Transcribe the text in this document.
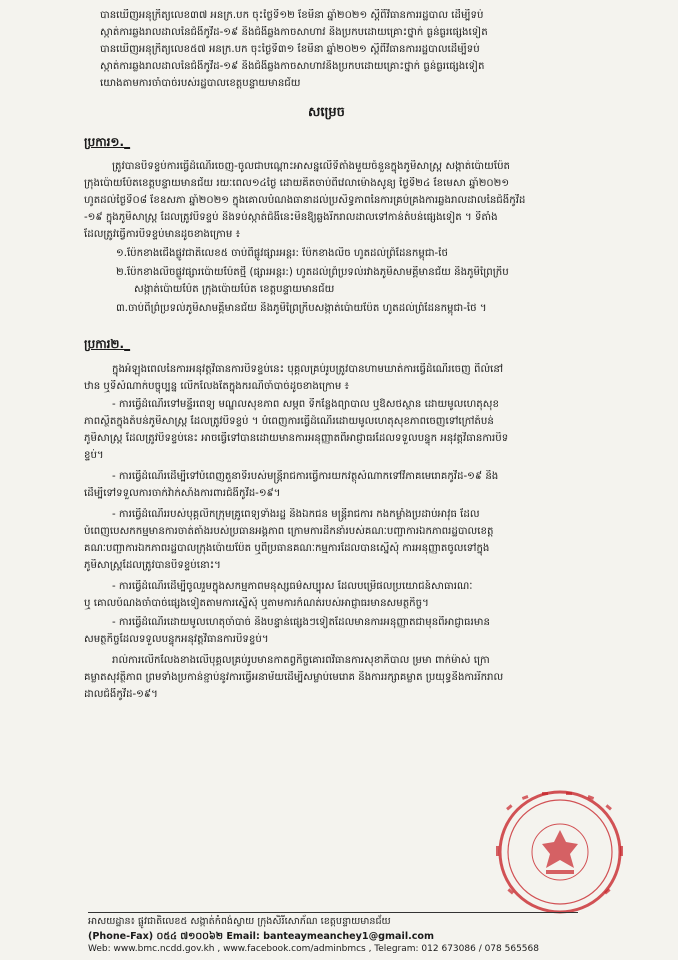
• បានឃើញអនុក្រឹត្យលេខ៣៧ អនក្រ.បក ចុះថ្ងៃទី១២ ខែមីនា ឆ្នាំ២០២១ ស្តីពីវិធានការរដ្ឋបាល ដើម្បីទប់
ស្កាត់ការឆ្លងរាលដាលនៃជំងឺកូវីដ-១៩ និងជំងឺឆ្លងកាចសាហាវ និងប្រកបដោយគ្រោះថ្នាក់ ធ្ងន់ធ្ងរផ្សេងទៀត
• បានឃើញអនុក្រឹត្យលេខ៥៧ អនក្រ.បក ចុះថ្ងៃទី៣១ ខែមីនា ឆ្នាំ២០២១ ស្តីពីវិធានការរដ្ឋបាលដើម្បីទប់
ស្កាត់ការឆ្លងរាលដាលនៃជំងឺកូវីដ-១៩ និងជំងឺឆ្លងកាចសាហាវនិងប្រកបដោយគ្រោះថ្នាក់ ធ្ងន់ធ្ងរផ្សេងទៀត
• យោងតាមការចាំបាច់របស់រដ្ឋបាលខេត្តបន្ទាយមានជ័យ
សម្រេច
ប្រការ១._
ត្រូវបានបិទខ្ទប់ការធ្វើដំណើរចេញ-ចូលជាបណ្តោះអាសន្នលើទីតាំងមួយចំនួនក្នុងភូមិសាស្ត្រ សង្កាត់ប៉ោយប៉ែត
ក្រុងប៉ោយប៉ែតខេត្តបន្ទាយមានជ័យ រយៈពេល១៤ថ្ងៃ ដោយគិតចាប់ពីវេលាម៉ោងសូន្យ ថ្ងៃទី២៤ ខែមេសា ឆ្នាំ២០២១
ហូតដល់ថ្ងៃទី០៨ ខែឧសភា ឆ្នាំ២០២១ ក្នុងគោលបំណងធានាដល់ប្រសិទ្ធភាពនៃការគ្រប់គ្រងការឆ្លងរាលដាលនៃជំងឺកូវីដ
-១៩ ក្នុងភូមិសាស្ត្រ ដែលត្រូវបិទខ្ទប់ និងទប់ស្កាត់ជំងឺនេះមិនឱ្យឆ្លងរីករាលដាលទៅកាន់តំបន់ផ្សេងទៀត ។ ទីតាំង
ដែលត្រូវធ្វើការបិទខ្ទប់មានដូចខាងក្រោម ៖
១.ប៉ែកខាងជើងផ្លូវជាតិលេខ៥ ចាប់ពីផ្លូវផ្សារអន្តរ: ប៉ែកខាងលិច ហូតដល់ព្រំដែនកម្ពុជា-ថៃ
២.ប៉ែកខាងលិចផ្លូវផ្សារប៉ោយប៉ែតថ្មី (ផ្សារអន្តរ:) ហូតដល់ព្រំប្រទល់រវាងភូមិសាមគ្គីមានជ័យ និងភូមិព្រៃក្រឹប
សង្កាត់ប៉ោយប៉ែត ក្រុងប៉ោយប៉ែត ខេត្តបន្ទាយមានជ័យ
៣.ចាប់ពីព្រំប្រទល់ភូមិសាមគ្គីមានជ័យ និងភូមិព្រៃក្រឹបសង្កាត់ប៉ោយប៉ែត ហូតដល់ព្រំដែនកម្ពុជា-ថៃ ។
ប្រការ២._
ក្នុងអំឡុងពេលនៃការអនុវត្តវិធានការបិទខ្ទប់នេះ បុគ្គលគ្រប់រូបត្រូវបានហាមឃាត់ការធ្វើដំណើរចេញ ពីលំនៅ
ឋាន ឬទីសំណាក់បច្ចុប្បន្ន លើកលែងតែក្នុងករណីចាំបាច់ដូចខាងក្រោម ៖
- ការធ្វើដំណើរទៅមន្ទីរពេទ្យ មណ្ឌលសុខភាព សម្ភព ទីកន្លែងព្យាបាល ឬឱសថស្ថាន ដោយមូលហេតុសុខ
ភាពស្ថិតក្នុងតំបន់ភូមិសាស្ត្រ ដែលត្រូវបិទខ្ទប់ ។ បំពេញការធ្វើដំណើរដោយមូលហេតុសុខភាពចេញទៅក្រៅតំបន់
ភូមិសាស្ត្រ ដែលត្រូវបិទខ្ទប់នេះ អាចធ្វើទៅបានដោយមានការអនុញ្ញាតពីអាជ្ញាធរដែលទទួលបន្ទុក អនុវត្តវិធានការបិទ
ខ្ទប់។
- ការធ្វើដំណើរដើម្បីទៅបំពេញតួនាទីរបស់មន្ត្រីរាជការធ្វើការយកវត្ថុសំណាកទៅវិភាគមេរោគកូវីដ-១៩ និង
ដើម្បីទៅទទួលការចាក់វ៉ាក់សាំងការពារជំងឺកូវីដ-១៩។
- ការធ្វើដំណើររបស់បុគ្គលិកក្រុមគ្រូពេទ្យទាំងរដ្ឋ និងឯកជន មន្ត្រីរាជការ កងកម្លាំងប្រដាប់អាវុធ ដែល
បំពេញបេសកកម្មមានការចាត់តាំងរបស់ប្រធានអង្គភាព ក្រោមការដឹកនាំរបស់គណៈបញ្ជាការឯកភាពរដ្ឋបាលខេត្ត
គណៈបញ្ជាការឯកភាពរដ្ឋបាលក្រុងប៉ោយប៉ែត ឬពីប្រធានគណៈកម្មការដែលបានស្នើសុំ ការអនុញ្ញាតចូលទៅក្នុង
ភូមិសាស្ត្រដែលត្រូវបានបិទខ្ទប់នោះ។
- ការធ្វើដំណើរដើម្បីចូលរួមក្នុងសកម្មភាពមនុស្សធម៌សប្បុរស ដែលបម្រើផលប្រយោជន៍សាធារណៈ
ឬ គោលបំណងចាំបាច់ផ្សេងទៀតតាមការស្នើសុំ ឬតាមការកំណត់របស់អាជ្ញាធរមានសមត្ថកិច្ច។
- ការធ្វើដំណើរដោយមូលហេតុចាំបាច់ និងបន្ទាន់ផ្សេងៗទៀតដែលមានការអនុញ្ញាតជាមុនពីអាជ្ញាធរមាន
សមត្ថកិច្ចដែលទទួលបន្ទុកអនុវត្តវិធានការបិទខ្ទប់។
រាល់ការលើកលែងខាងលើបុគ្គលគ្រប់រូបមានកាតព្វកិច្ចគោរពវិធានការសុខាភិបាល ម្រមា ពាក់ម៉ាស់ ក្រោ
គម្លាតសុវត្ថិភាព ព្រមទាំងប្រកាន់ខ្ជាប់នូវការធ្វើអនាម័យដើម្បីសម្លាប់មេរោគ និងការរក្សាគម្លាត ប្រយុទ្ធនឹងការរីករាល
ដាលជំងឺកូវីដ-១៩។
អាសយដ្ឋាន៖ ផ្លូវជាតិលេខ៥ សង្កាត់កំពង់ស្វាយ ក្រុងសិរីសោភ័ណ ខេត្តបន្ទាយមានជ័យ
(Phone-Fax) ០៥៤ ៧១០០៦២ Email: banteaymeanchey1@gmail.com
Web: www.bmc.ncdd.gov.kh , www.facebook.com/adminbmcs , Telegram: 012 673086 / 078 565568
